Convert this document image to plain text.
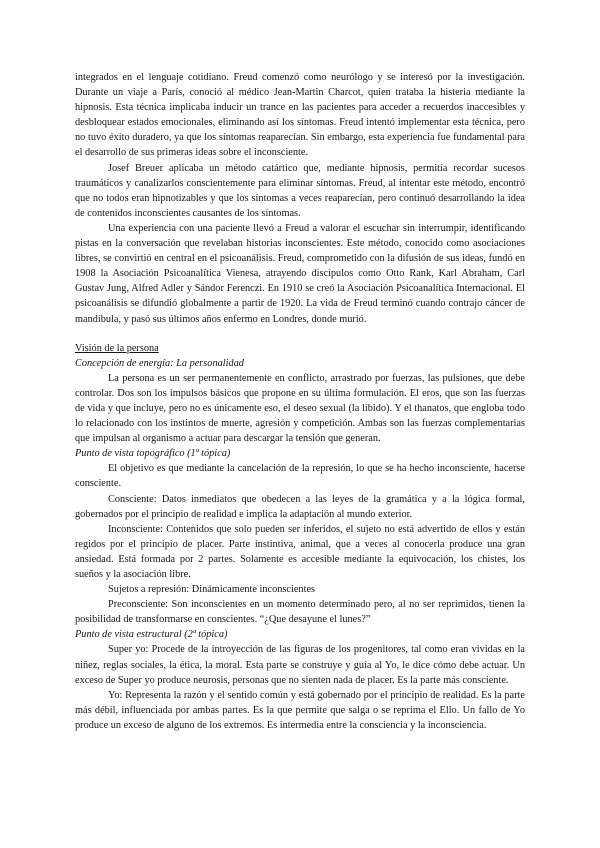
integrados en el lenguaje cotidiano. Freud comenzó como neurólogo y se interesó por la investigación. Durante un viaje a París, conoció al médico Jean-Martin Charcot, quien trataba la histeria mediante la hipnosis. Esta técnica implicaba inducir un trance en las pacientes para acceder a recuerdos inaccesibles y desbloquear estados emocionales, eliminando así los síntomas. Freud intentó implementar esta técnica, pero no tuvo éxito duradero, ya que los síntomas reaparecían. Sin embargo, esta experiencia fue fundamental para el desarrollo de sus primeras ideas sobre el inconsciente.

Josef Breuer aplicaba un método catártico que, mediante hipnosis, permitía recordar sucesos traumáticos y canalizarlos conscientemente para eliminar síntomas. Freud, al intentar este método, encontró que no todos eran hipnotizables y que los síntomas a veces reaparecían, pero continuó desarrollando la idea de contenidos inconscientes causantes de los síntomas.

Una experiencia con una paciente llevó a Freud a valorar el escuchar sin interrumpir, identificando pistas en la conversación que revelaban historias inconscientes. Este método, conocido como asociaciones libres, se convirtió en central en el psicoanálisis. Freud, comprometido con la difusión de sus ideas, fundó en 1908 la Asociación Psicoanalítica Vienesa, atrayendo discípulos como Otto Rank, Karl Abraham, Carl Gustav Jung, Alfred Adler y Sándor Ferenczi. En 1910 se creó la Asociación Psicoanalítica Internacional. El psicoanálisis se difundió globalmente a partir de 1920. La vida de Freud terminó cuando contrajo cáncer de mandíbula, y pasó sus últimos años enfermo en Londres, donde murió.

Visión de la persona

Concepción de energía: La personalidad

La persona es un ser permanentemente en conflicto, arrastrado por fuerzas, las pulsiones, que debe controlar. Dos son los impulsos básicos que propone en su última formulación. El eros, que son las fuerzas de vida y que incluye, pero no es únicamente eso, el deseo sexual (la libido). Y el thanatos, que engloba todo lo relacionado con los instintos de muerte, agresión y competición. Ambas son las fuerzas complementarias que impulsan al organismo a actuar para descargar la tensión que generan.

Punto de vista topográfico (1ª tópica)

El objetivo es que mediante la cancelación de la represión, lo que se ha hecho inconsciente, hacerse consciente.

Consciente: Datos inmediatos que obedecen a las leyes de la gramática y a la lógica formal, gobernados por el principio de realidad e implica la adaptación al mundo exterior.

Inconsciente: Contenidos que solo pueden ser inferidos, el sujeto no está advertido de ellos y están regidos por el principio de placer. Parte instintiva, animal, que a veces al conocerla produce una gran ansiedad. Está formada por 2 partes. Solamente es accesible mediante la equivocación, los chistes, los sueños y la asociación libre.

Sujetos a represión: Dinámicamente inconscientes

Preconsciente: Son inconscientes en un momento determinado pero, al no ser reprimidos, tienen la posibilidad de transformarse en conscientes. “¿Que desayune el lunes?”

Punto de vista estructural (2ª tópica)

Super yo: Procede de la introyección de las figuras de los progenitores, tal como eran vividas en la niñez, reglas sociales, la ética, la moral. Esta parte se construye y guía al Yo, le dice cómo debe actuar. Un exceso de Super yo produce neurosis, personas que no sienten nada de placer. Es la parte más consciente.

Yo: Representa la razón y el sentido común y está gobernado por el principio de realidad. Es la parte más débil, influenciada por ambas partes. Es la que permite que salga o se reprima el Ello. Un fallo de Yo produce un exceso de alguno de los extremos. Es intermedia entre la consciencia y la inconsciencia.
